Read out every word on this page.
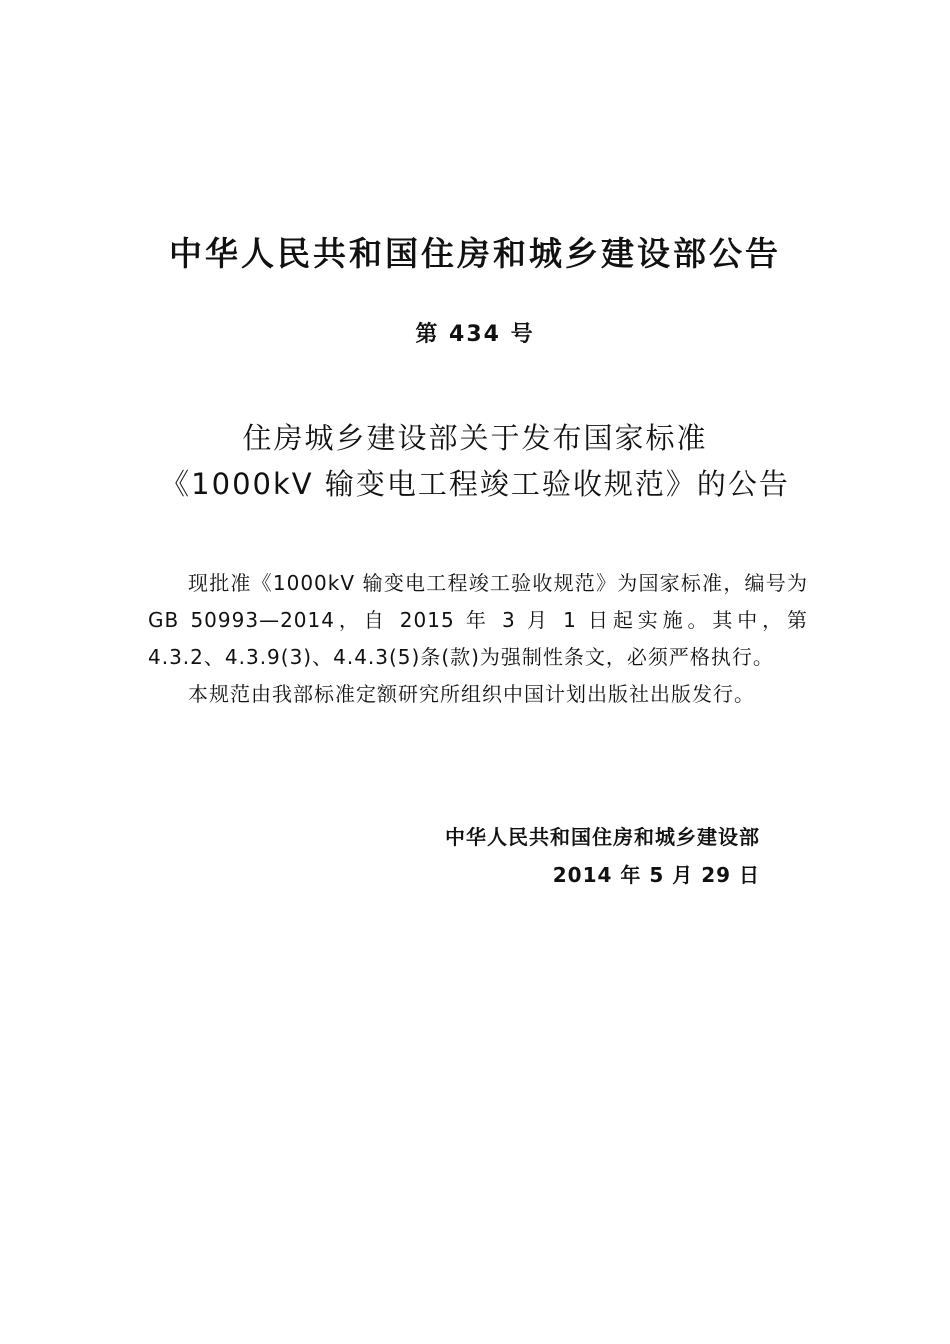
中华人民共和国住房和城乡建设部公告
第 434 号
住房城乡建设部关于发布国家标准
《1000kV 输变电工程竣工验收规范》的公告

现批准《1000kV 输变电工程竣工验收规范》为国家标准，编号为 GB 50993—2014，自 2015 年 3 月 1 日起实施。其中，第 4.3.2、4.3.9(3)、4.4.3(5)条(款)为强制性条文，必须严格执行。

本规范由我部标准定额研究所组织中国计划出版社出版发行。

中华人民共和国住房和城乡建设部
2014 年 5 月 29 日
